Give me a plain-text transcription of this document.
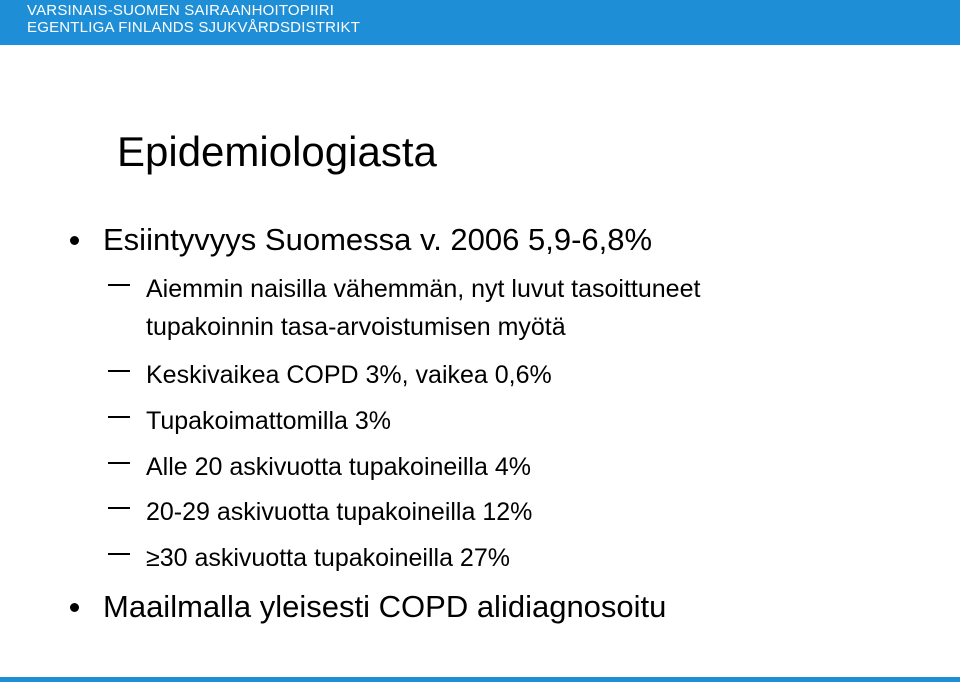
VARSINAIS-SUOMEN SAIRAANHOITOPIIRI
EGENTLIGA FINLANDS SJUKVÅRDSDISTRIKT
Epidemiologiasta
Esiintyvyys Suomessa v. 2006 5,9-6,8%
Aiemmin naisilla vähemmän, nyt luvut tasoittuneet
tupakoinnin tasa-arvoistumisen myötä
Keskivaikea COPD 3%, vaikea 0,6%
Tupakoimattomilla 3%
Alle 20 askivuotta tupakoineilla 4%
20-29 askivuotta tupakoineilla 12%
≥30 askivuotta tupakoineilla 27%
Maailmalla yleisesti COPD alidiagnosoitu
